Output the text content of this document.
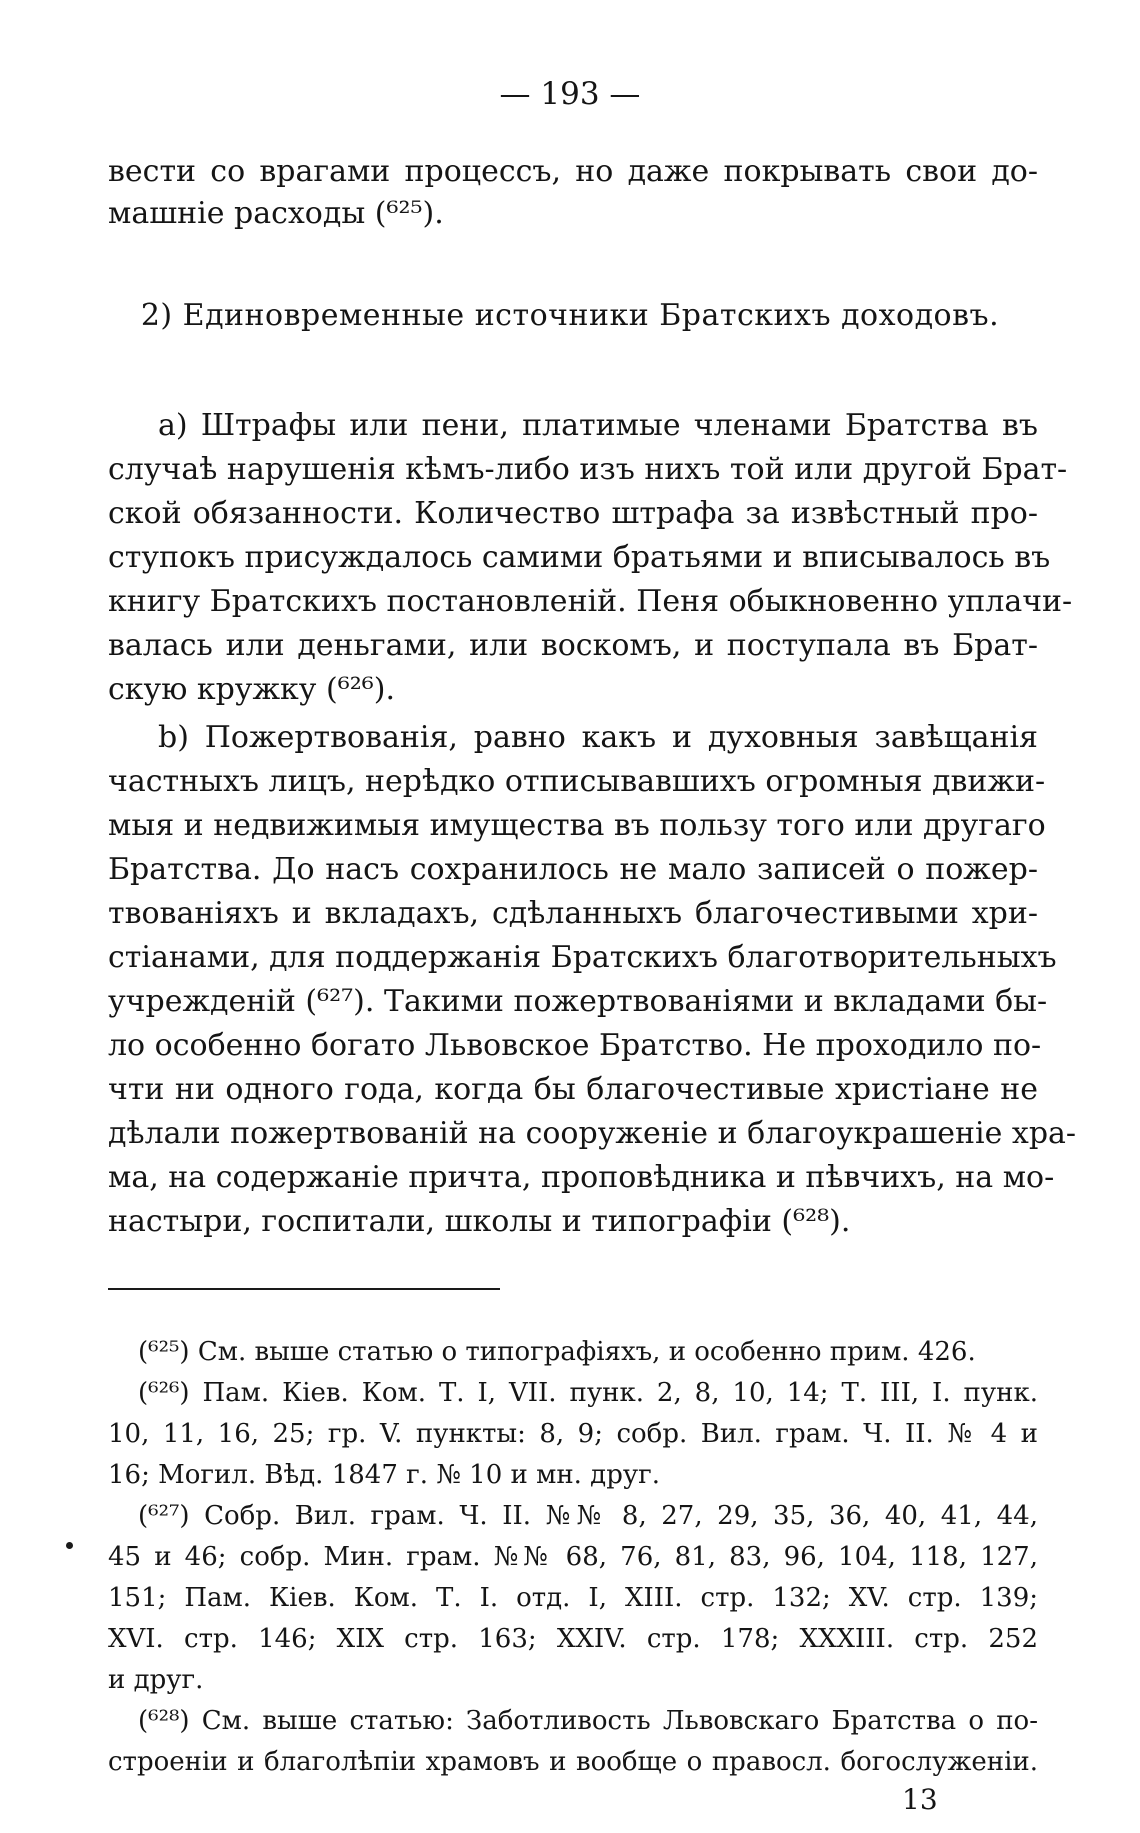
— 193 —
вести со врагами процессъ, но даже покрывать свои до-
машніе расходы (⁶²⁵).
2) Единовременные источники Братскихъ доходовъ.
а) Штрафы или пени, платимые членами Братства въ
случаѣ нарушенія кѣмъ-либо изъ нихъ той или другой Брат-
ской обязанности. Количество штрафа за извѣстный про-
ступокъ присуждалось самими братьями и вписывалось въ
книгу Братскихъ постановленій. Пеня обыкновенно уплачи-
валась или деньгами, или воскомъ, и поступала въ Брат-
скую кружку (⁶²⁶).
b) Пожертвованія, равно какъ и духовныя завѣщанія
частныхъ лицъ, нерѣдко отписывавшихъ огромныя движи-
мыя и недвижимыя имущества въ пользу того или другаго
Братства. До насъ сохранилось не мало записей о пожер-
твованіяхъ и вкладахъ, сдѣланныхъ благочестивыми хри-
стіанами, для поддержанія Братскихъ благотворительныхъ
учрежденій (⁶²⁷). Такими пожертвованіями и вкладами бы-
ло особенно богато Львовское Братство. Не проходило по-
чти ни одного года, когда бы благочестивые христіане не
дѣлали пожертвованій на сооруженіе и благоукрашеніе хра-
ма, на содержаніе причта, проповѣдника и пѣвчихъ, на мо-
настыри, госпитали, школы и типографіи (⁶²⁸).
(⁶²⁵) См. выше статью о типографіяхъ, и особенно прим. 426.
(⁶²⁶) Пам. Кіев. Ком. Т. I, VII. пунк. 2, 8, 10, 14; Т. III, I. пунк.
10, 11, 16, 25; гр. V. пункты: 8, 9; собр. Вил. грам. Ч. II. № 4 и
16; Могил. Вѣд. 1847 г. № 10 и мн. друг.
(⁶²⁷) Собр. Вил. грам. Ч. II. №№ 8, 27, 29, 35, 36, 40, 41, 44,
45 и 46; собр. Мин. грам. №№ 68, 76, 81, 83, 96, 104, 118, 127,
151; Пам. Кіев. Ком. Т. I. отд. I, XIII. стр. 132; XV. стр. 139;
XVI. стр. 146; XIX стр. 163; XXIV. стр. 178; XXXIII. стр. 252
и друг.
(⁶²⁸) См. выше статью: Заботливость Львовскаго Братства о по-
строеніи и благолѣпіи храмовъ и вообще о правосл. богослуженіи.
13
